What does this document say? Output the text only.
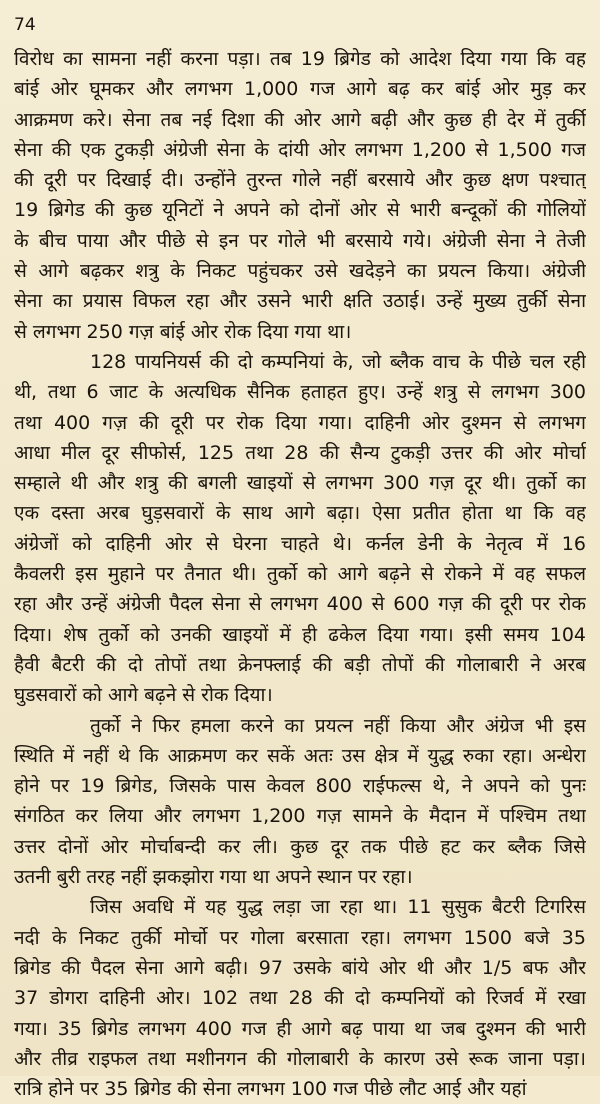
74
विरोध का सामना नहीं करना पड़ा। तब 19 ब्रिगेड को आदेश दिया गया कि वह
बांई ओर घूमकर और लगभग 1,000 गज आगे बढ़ कर बांई ओर मुड़ कर
आक्रमण करे। सेना तब नई दिशा की ओर आगे बढ़ी और कुछ ही देर में तुर्की
सेना की एक टुकड़ी अंग्रेजी सेना के दांयी ओर लगभग 1,200 से 1,500 गज
की दूरी पर दिखाई दी। उन्होंने तुरन्त गोले नहीं बरसाये और कुछ क्षण पश्चात्
19 ब्रिगेड की कुछ यूनिटों ने अपने को दोनों ओर से भारी बन्दूकों की गोलियों
के बीच पाया और पीछे से इन पर गोले भी बरसाये गये। अंग्रेजी सेना ने तेजी
से आगे बढ़कर शत्रु के निकट पहुंचकर उसे खदेड़ने का प्रयत्न किया। अंग्रेजी
सेना का प्रयास विफल रहा और उसने भारी क्षति उठाई। उन्हें मुख्य तुर्की सेना
से लगभग 250 गज़ बांई ओर रोक दिया गया था।
128 पायनियर्स की दो कम्पनियां के, जो ब्लैक वाच के पीछे चल रही
थी, तथा 6 जाट के अत्यधिक सैनिक हताहत हुए। उन्हें शत्रु से लगभग 300
तथा 400 गज़ की दूरी पर रोक दिया गया। दाहिनी ओर दुश्मन से लगभग
आधा मील दूर सीफोर्स, 125 तथा 28 की सैन्य टुकड़ी उत्तर की ओर मोर्चा
सम्हाले थी और शत्रु की बगली खाइयों से लगभग 300 गज़ दूर थी। तुर्को का
एक दस्ता अरब घुड़सवारों के साथ आगे बढ़ा। ऐसा प्रतीत होता था कि वह
अंग्रेजों को दाहिनी ओर से घेरना चाहते थे। कर्नल डेनी के नेतृत्व में 16
कैवलरी इस मुहाने पर तैनात थी। तुर्को को आगे बढ़ने से रोकने में वह सफल
रहा और उन्हें अंग्रेजी पैदल सेना से लगभग 400 से 600 गज़ की दूरी पर रोक
दिया। शेष तुर्को को उनकी खाइयों में ही ढकेल दिया गया। इसी समय 104
हैवी बैटरी की दो तोपों तथा क्रेनफ्लाई की बड़ी तोपों की गोलाबारी ने अरब
घुडसवारों को आगे बढ़ने से रोक दिया।
तुर्को ने फिर हमला करने का प्रयत्न नहीं किया और अंग्रेज भी इस
स्थिति में नहीं थे कि आक्रमण कर सकें अतः उस क्षेत्र में युद्ध रुका रहा। अन्धेरा
होने पर 19 ब्रिगेड, जिसके पास केवल 800 राईफल्स थे, ने अपने को पुनः
संगठित कर लिया और लगभग 1,200 गज़ सामने के मैदान में पश्चिम तथा
उत्तर दोनों ओर मोर्चाबन्दी कर ली। कुछ दूर तक पीछे हट कर ब्लैक जिसे
उतनी बुरी तरह नहीं झकझोरा गया था अपने स्थान पर रहा।
जिस अवधि में यह युद्ध लड़ा जा रहा था। 11 सुसुक बैटरी टिगरिस
नदी के निकट तुर्की मोर्चो पर गोला बरसाता रहा। लगभग 1500 बजे 35
ब्रिगेड की पैदल सेना आगे बढ़ी। 97 उसके बांये ओर थी और 1/5 बफ और
37 डोगरा दाहिनी ओर। 102 तथा 28 की दो कम्पनियों को रिजर्व में रखा
गया। 35 ब्रिगेड लगभग 400 गज ही आगे बढ़ पाया था जब दुश्मन की भारी
और तीव्र राइफल तथा मशीनगन की गोलाबारी के कारण उसे रूक जाना पड़ा।
रात्रि होने पर 35 ब्रिगेड की सेना लगभग 100 गज पीछे लौट आई और यहां
